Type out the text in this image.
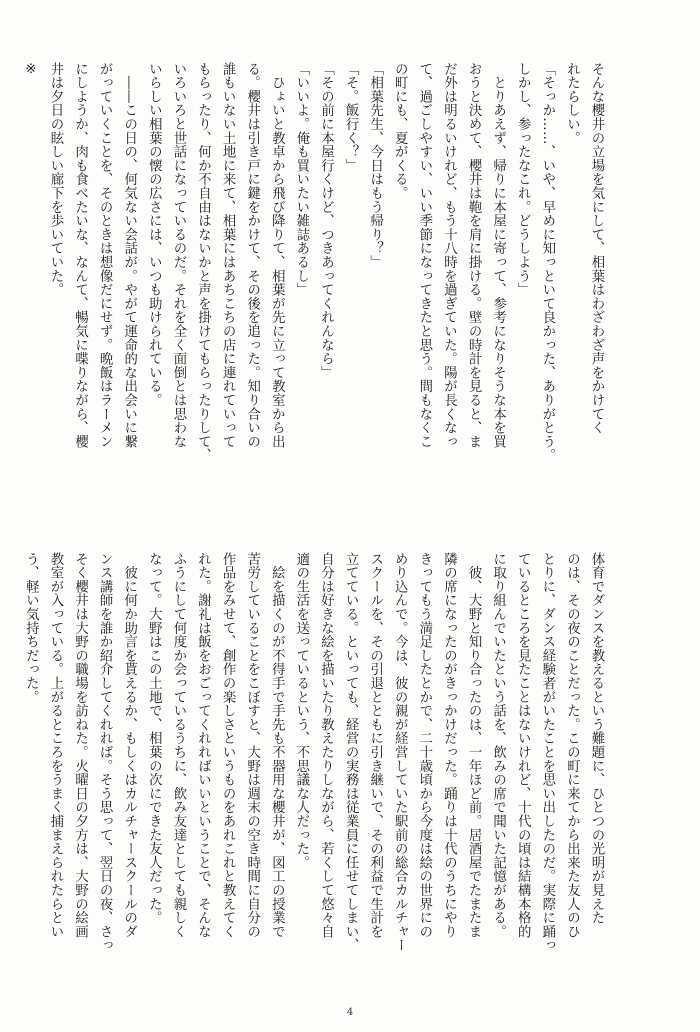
そんな櫻井の立場を気にして、相葉はわざわざ声をかけてく
れたらしい。
「そっか……、いや、早めに知っといて良かった、ありがとう。
しかし、参ったなこれ。どうしよう」
　とりあえず、帰りに本屋に寄って、参考になりそうな本を買
おうと決めて、櫻井は鞄を肩に掛ける。壁の時計を見ると、ま
だ外は明るいけれど、もう十八時を過ぎていた。陽が長くなっ
て、過ごしやすい、いい季節になってきたと思う。間もなくこ
の町にも、夏がくる。
「相葉先生、今日はもう帰り？」
「そ。飯行く？」
「その前に本屋行くけど、つきあってくれんなら」
「いいよ。俺も買いたい雑誌あるし」
　ひょいと教卓から飛び降りて、相葉が先に立って教室から出
る。櫻井は引き戸に鍵をかけて、その後を追った。知り合いの
誰もいない土地に来て、相葉にはあちこちの店に連れていって
もらったり、何か不自由はないかと声を掛けてもらったりして、
いろいろと世話になっているのだ。それを全く面倒とは思わな
いらしい相葉の懐の広さには、いつも助けられている。
　――この日の、何気ない会話が。やがて運命的な出会いに繋
がっていくことを、そのときは想像だにせず。晩飯はラーメン
にしようか、肉も食べたいな、なんて、暢気に喋りながら、櫻
井は夕日の眩しい廊下を歩いていた。
※
体育でダンスを教えるという難題に、ひとつの光明が見えた
のは、その夜のことだった。この町に来てから出来た友人のひ
とりに、ダンス経験者がいたことを思い出したのだ。実際に踊っ
ているところを見たことはないけれど、十代の頃は結構本格的
に取り組んでいたという話を、飲みの席で聞いた記憶がある。
　彼、大野と知り合ったのは、一年ほど前。居酒屋でたまたま
隣の席になったのがきっかけだった。踊りは十代のうちにやり
きってもう満足したとかで、二十歳頃から今度は絵の世界にの
めり込んで。今は、彼の親が経営していた駅前の総合カルチャー
スクールを、その引退とともに引き継いで、その利益で生計を
立てている。といっても、経営の実務は従業員に任せてしまい、
自分は好きな絵を描いたり教えたりしながら、若くして悠々自
適の生活を送っているという、不思議な人だった。
　絵を描くのが不得手で手先も不器用な櫻井が、図工の授業で
苦労していることをこぼすと、大野は週末の空き時間に自分の
作品をみせて、創作の楽しさというものをあれこれと教えてく
れた。謝礼は飯をおごってくれればいいということで、そんな
ふうにして何度か会っているうちに、飲み友達としても親しく
なって。大野はこの土地で、相葉の次にできた友人だった。
　彼に何か助言を貰えるか、もしくはカルチャースクールのダ
ンス講師を誰か紹介してくれれば。そう思って、翌日の夜、さっ
そく櫻井は大野の職場を訪ねた。火曜日の夕方は、大野の絵画
教室が入っている。上がるところをうまく捕まえられたらとい
う、軽い気持ちだった。
4
